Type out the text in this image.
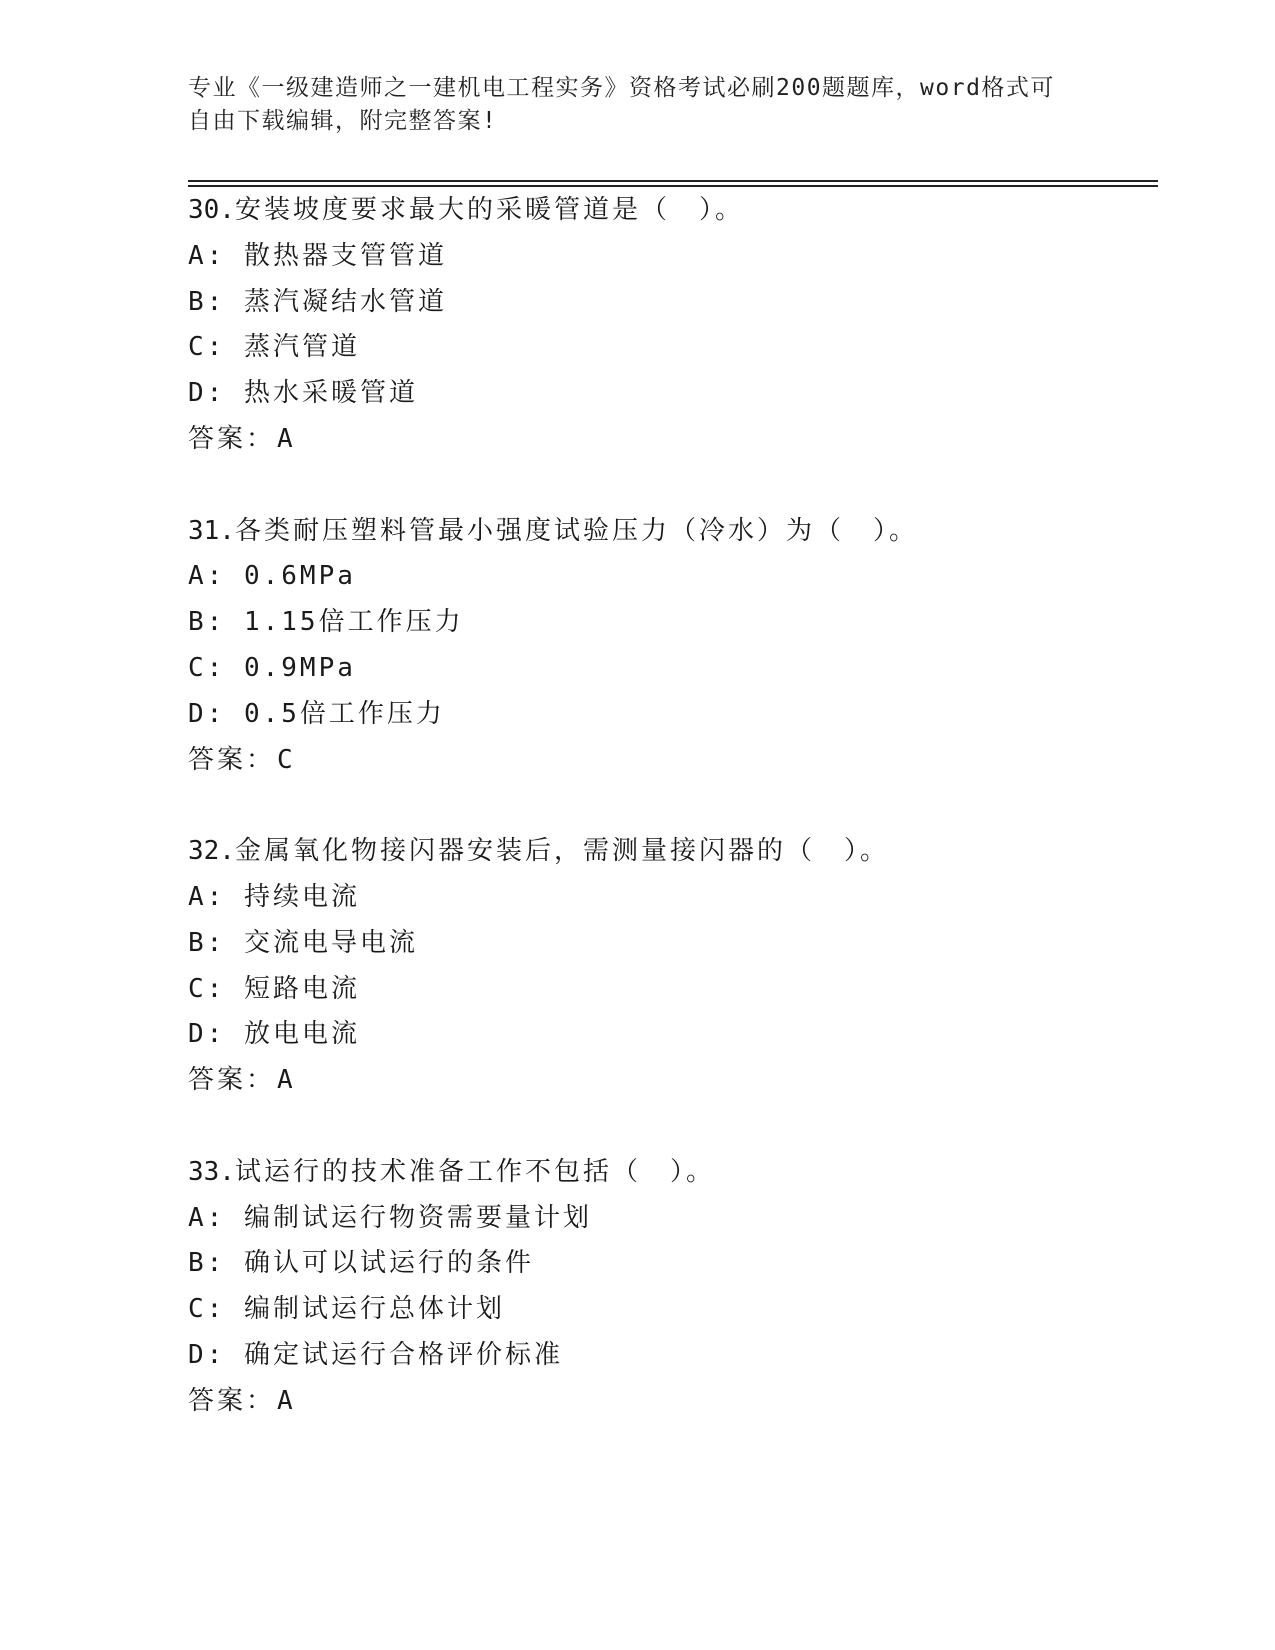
专业《一级建造师之一建机电工程实务》资格考试必刷200题题库，word格式可
自由下载编辑，附完整答案!
30.安装坡度要求最大的采暖管道是（　）。
A: 散热器支管管道
B: 蒸汽凝结水管道
C: 蒸汽管道
D: 热水采暖管道
答案：A
31.各类耐压塑料管最小强度试验压力（冷水）为（　）。
A: 0.6MPa
B: 1.15倍工作压力
C: 0.9MPa
D: 0.5倍工作压力
答案：C
32.金属氧化物接闪器安装后，需测量接闪器的（　）。
A: 持续电流
B: 交流电导电流
C: 短路电流
D: 放电电流
答案：A
33.试运行的技术准备工作不包括（　）。
A: 编制试运行物资需要量计划
B: 确认可以试运行的条件
C: 编制试运行总体计划
D: 确定试运行合格评价标准
答案：A
